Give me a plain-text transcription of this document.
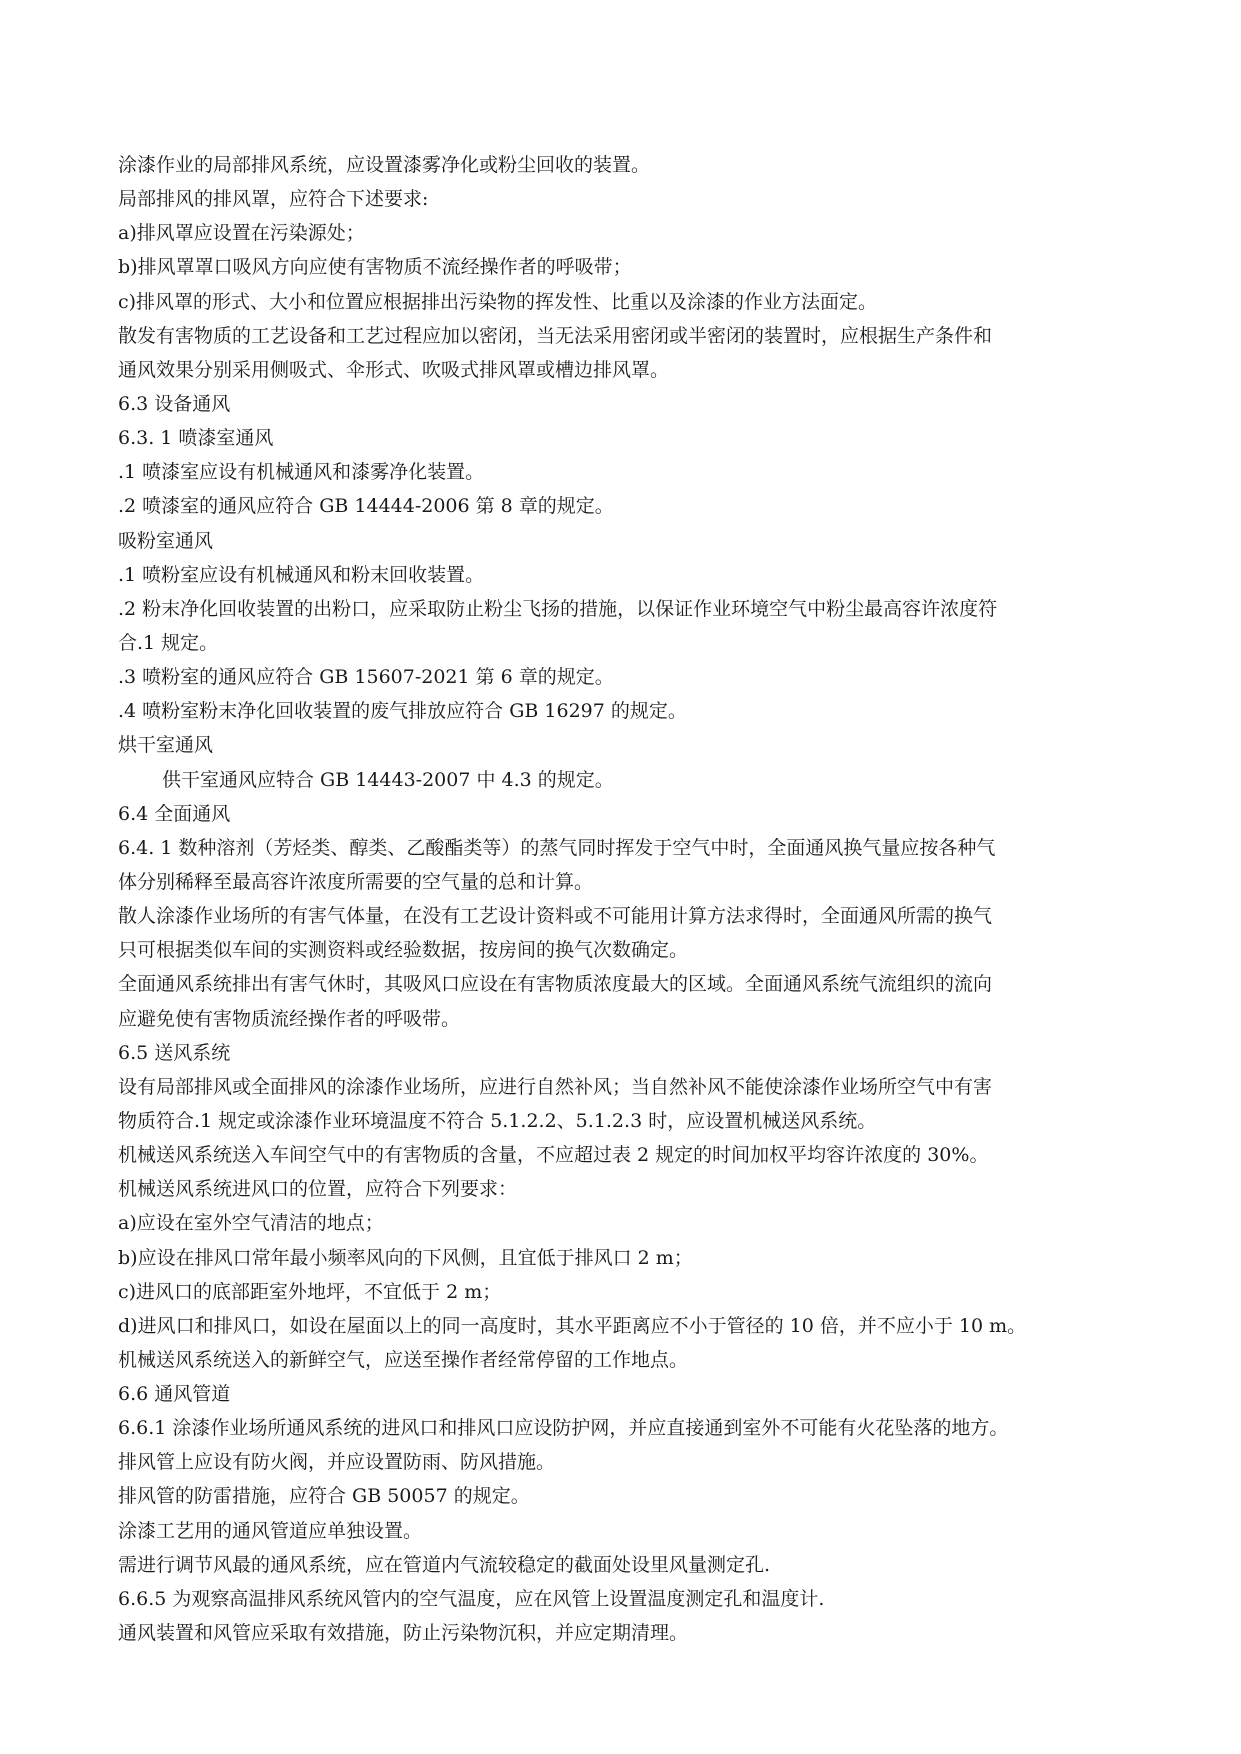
涂漆作业的局部排风系统，应设置漆雾净化或粉尘回收的装置。
局部排风的排风罩，应符合下述要求:
a)排风罩应设置在污染源处；
b)排风罩罩口吸风方向应使有害物质不流经操作者的呼吸带；
c)排风罩的形式、大小和位置应根据排出污染物的挥发性、比重以及涂漆的作业方法面定。
散发有害物质的工艺设备和工艺过程应加以密闭，当无法采用密闭或半密闭的装置时，应根据生产条件和
通风效果分别采用侧吸式、伞形式、吹吸式排风罩或槽边排风罩。
6.3 设备通风
6.3. 1 喷漆室通风
.1 喷漆室应设有机械通风和漆雾净化装置。
.2 喷漆室的通风应符合 GB 14444-2006 第 8 章的规定。
吸粉室通风
.1 喷粉室应设有机械通风和粉末回收装置。
.2 粉末净化回收装置的出粉口，应采取防止粉尘飞扬的措施，以保证作业环境空气中粉尘最高容许浓度符
合.1 规定。
.3 喷粉室的通风应符合 GB 15607-2021 第 6 章的规定。
.4 喷粉室粉末净化回收装置的废气排放应符合 GB 16297 的规定。
烘干室通风
供干室通风应特合 GB 14443-2007 中 4.3 的规定。
6.4 全面通风
6.4. 1 数种溶剂（芳烃类、醇类、乙酸酯类等）的蒸气同时挥发于空气中时，全面通风换气量应按各种气
体分别稀释至最高容许浓度所需要的空气量的总和计算。
散人涂漆作业场所的有害气体量，在没有工艺设计资料或不可能用计算方法求得时，全面通风所需的换气
只可根据类似车间的实测资料或经验数据，按房间的换气次数确定。
全面通风系统排出有害气休时，其吸风口应设在有害物质浓度最大的区域。全面通风系统气流组织的流向
应避免使有害物质流经操作者的呼吸带。
6.5 送风系统
设有局部排风或全面排风的涂漆作业场所，应进行自然补风；当自然补风不能使涂漆作业场所空气中有害
物质符合.1 规定或涂漆作业环境温度不符合 5.1.2.2、5.1.2.3 时，应设置机械送风系统。
机械送风系统送入车间空气中的有害物质的含量，不应超过表 2 规定的时间加权平均容许浓度的 30%。
机械送风系统进风口的位置，应符合下列要求：
a)应设在室外空气清洁的地点；
b)应设在排风口常年最小频率风向的下风侧，且宜低于排风口 2 m；
c)进风口的底部距室外地坪，不宜低于 2 m；
d)进风口和排风口，如设在屋面以上的同一高度时，其水平距离应不小于管径的 10 倍，并不应小于 10 m。
机械送风系统送入的新鲜空气，应送至操作者经常停留的工作地点。
6.6 通风管道
6.6.1 涂漆作业场所通风系统的进风口和排风口应设防护网，并应直接通到室外不可能有火花坠落的地方。
排风管上应设有防火阀，并应设置防雨、防风措施。
排风管的防雷措施，应符合 GB 50057 的规定。
涂漆工艺用的通风管道应单独设置。
需进行调节风最的通风系统，应在管道内气流较稳定的截面处设里风量测定孔.
6.6.5 为观察高温排风系统风管内的空气温度，应在风管上设置温度测定孔和温度计.
通风装置和风管应采取有效措施，防止污染物沉积，并应定期清理。
